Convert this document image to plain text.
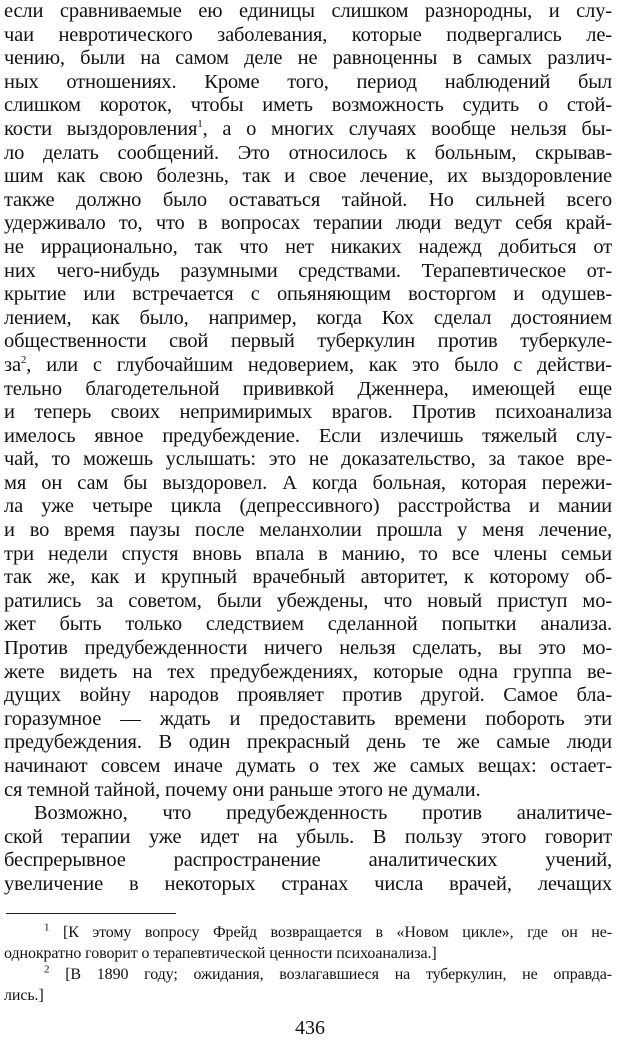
если сравниваемые ею единицы слишком разнородны, и слу-
чаи невротического заболевания, которые подвергались ле-
чению, были на самом деле не равноценны в самых различ-
ных отношениях. Кроме того, период наблюдений был
слишком короток, чтобы иметь возможность судить о стой-
кости выздоровления$^1$, а о многих случаях вообще нельзя бы-
ло делать сообщений. Это относилось к больным, скрывав-
шим как свою болезнь, так и свое лечение, их выздоровление
также должно было оставаться тайной. Но сильней всего
удерживало то, что в вопросах терапии люди ведут себя край-
не иррационально, так что нет никаких надежд добиться от
них чего-нибудь разумными средствами. Терапевтическое от-
крытие или встречается с опьяняющим восторгом и одушев-
лением, как было, например, когда Кох сделал достоянием
общественности свой первый туберкулин против туберкуле-
$за^2$, или с глубочайшим недоверием, как это было с действи-
тельно благодетельной прививкой Дженнера, имеющей еще
и теперь своих непримиримых врагов. Против психоанализа
имелось явное предубеждение. Если излечишь тяжелый слу-
чай, то можешь услышать: это не доказательство, за такое вре-
мя он сам бы выздоровел. А когда больная, которая пережи-
ла уже четыре цикла (депрессивного) расстройства и мании
и во время паузы после меланхолии прошла у меня лечение,
три недели спустя вновь впала в манию, то все члены семьи
так же, как и крупный врачебный авторитет, к которому об-
ратились за советом, были убеждены, что новый приступ мо-
жет быть только следствием сделанной попытки анализа.
Против предубежденности ничего нельзя сделать, вы это мо-
жете видеть на тех предубеждениях, которые одна группа ве-
дущих войну народов проявляет против другой. Самое бла-
горазумное — ждать и предоставить времени побороть эти
предубеждения. В один прекрасный день те же самые люди
начинают совсем иначе думать о тех же самых вещах: остает-
ся темной тайной, почему они раньше этого не думали.
Возможно, что предубежденность против аналитиче-
ской терапии уже идет на убыль. В пользу этого говорит
беспрерывное распространение аналитических учений,
увеличение в некоторых странах числа врачей, лечащих
$^1$ [К этому вопросу Фрейд возвращается в «Новом цикле», где он не-
однократно говорит о терапевтической ценности психоанализа.]
$^2$ [В 1890 году; ожидания, возлагавшиеся на туберкулин, не оправда-
лись.]
436
